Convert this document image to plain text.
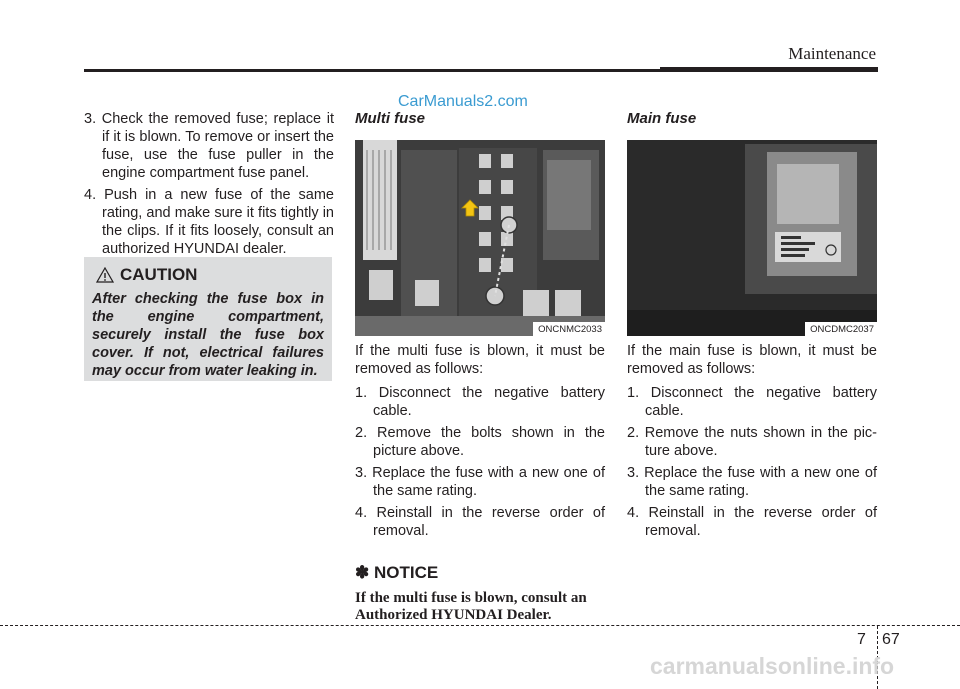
Maintenance
CarManuals2.com
3. Check the removed fuse; replace it if it is blown. To remove or insert the fuse, use the fuse puller in the engine compartment fuse panel.
4. Push in a new fuse of the same rating, and make sure it fits tightly in the clips. If it fits loosely, consult an authorized HYUNDAI dealer.
CAUTION
After checking the fuse box in the engine compartment, securely install the fuse box cover. If not, electrical failures may occur from water leaking in.
Multi fuse
ONCNMC2033

If the multi fuse is blown, it must be removed as follows:

1. Disconnect the negative battery cable.
2. Remove the bolts shown in the picture above.
3. Replace the fuse with a new one of the same rating.
4. Reinstall in the reverse order of removal.
✽ NOTICE
If the multi fuse is blown, consult an Authorized HYUNDAI Dealer.
Main fuse
ONCDMC2037

If the main fuse is blown, it must be removed as follows:

1. Disconnect the negative battery cable.
2. Remove the nuts shown in the pic-ture above.
3. Replace the fuse with a new one of the same rating.
4. Reinstall in the reverse order of removal.
7 67
carmanualsonline.info
